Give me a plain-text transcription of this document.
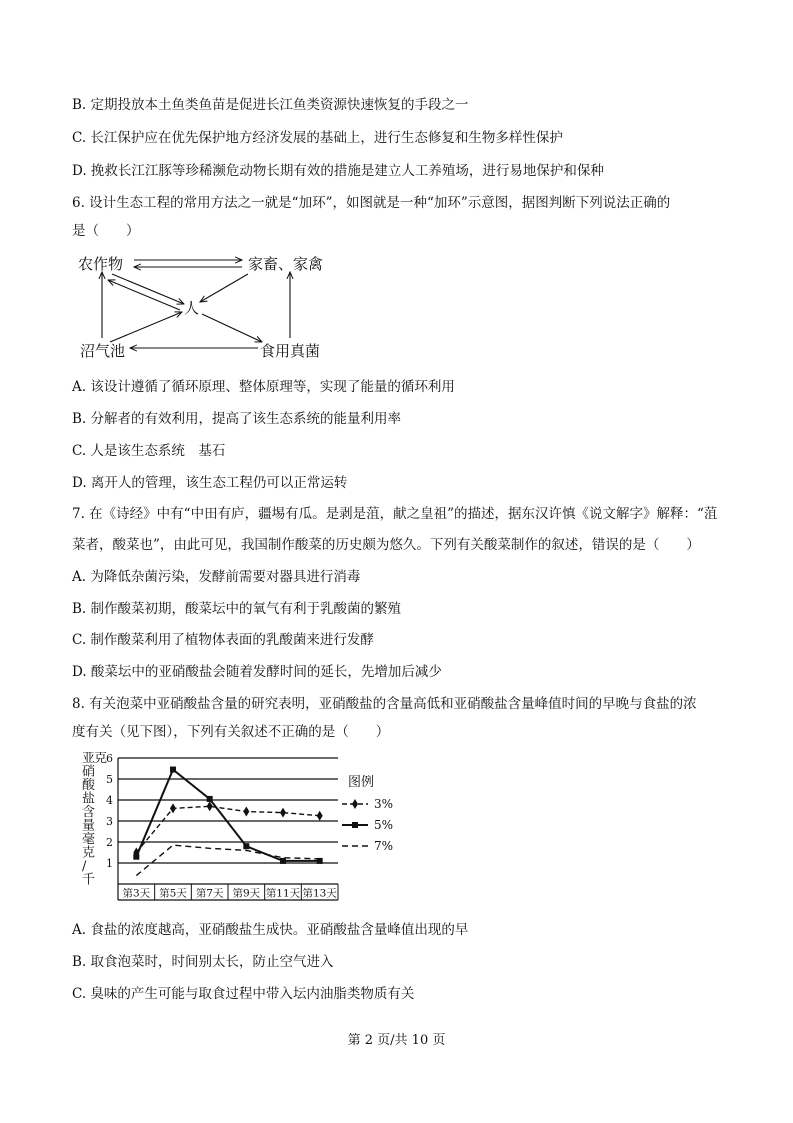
B. 定期投放本土鱼类鱼苗是促进长江鱼类资源快速恢复的手段之一
C. 长江保护应在优先保护地方经济发展的基础上，进行生态修复和生物多样性保护
D. 挽救长江江豚等珍稀濒危动物长期有效的措施是建立人工养殖场，进行易地保护和保种
6. 设计生态工程的常用方法之一就是“加环”，如图就是一种“加环”示意图，据图判断下列说法正确的
是（　　）
农作物	家畜、家禽
人
沼气池	食用真菌
A. 该设计遵循了循环原理、整体原理等，实现了能量的循环利用
B. 分解者的有效利用，提高了该生态系统的能量利用率
C. 人是该生态系统　基石
D. 离开人的管理，该生态工程仍可以正常运转
7. 在《诗经》中有“中田有庐，疆埸有瓜。是剥是菹，献之皇祖”的描述，据东汉许慎《说文解字》解释：“菹
菜者，酸菜也”，由此可见，我国制作酸菜的历史颇为悠久。下列有关酸菜制作的叙述，错误的是（　　）
A. 为降低杂菌污染，发酵前需要对器具进行消毒
B. 制作酸菜初期，酸菜坛中的氧气有利于乳酸菌的繁殖
C. 制作酸菜利用了植物体表面的乳酸菌来进行发酵
D. 酸菜坛中的亚硝酸盐会随着发酵时间的延长，先增加后减少
8. 有关泡菜中亚硝酸盐含量的研究表明，亚硝酸盐的含量高低和亚硝酸盐含量峰值时间的早晚与食盐的浓
度有关（见下图），下列有关叙述不正确的是（　　）
亚硝酸盐含量毫克/千克
1
2
3
4
5
6
第3天 第5天 第7天 第9天 第11天 第13天
图例
3%
5%
7%
A. 食盐的浓度越高，亚硝酸盐生成快。亚硝酸盐含量峰值出现的早
B. 取食泡菜时，时间别太长，防止空气进入
C. 臭味的产生可能与取食过程中带入坛内油脂类物质有关
第 2 页/共 10 页
